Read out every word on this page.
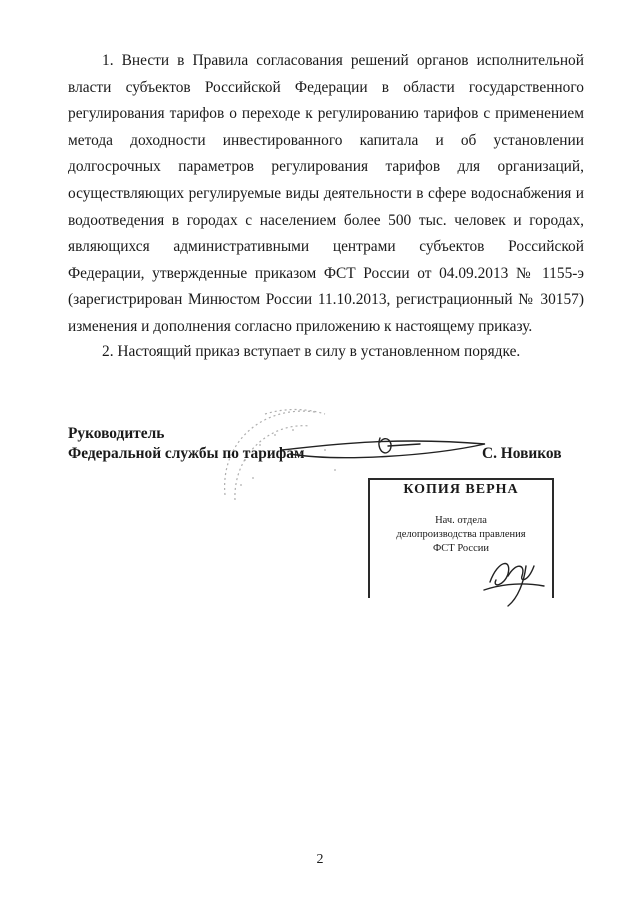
1. Внести в Правила согласования решений органов исполнительной власти субъектов Российской Федерации в области государственного регулирования тарифов о переходе к регулированию тарифов с применением метода доходности инвестированного капитала и об установлении долгосрочных параметров регулирования тарифов для организаций, осуществляющих регулируемые виды деятельности в сфере водоснабжения и водоотведения в городах с населением более 500 тыс. человек и городах, являющихся административными центрами субъектов Российской Федерации, утвержденные приказом ФСТ России от 04.09.2013 № 1155-э (зарегистрирован Минюстом России 11.10.2013, регистрационный № 30157) изменения и дополнения согласно приложению к настоящему приказу.

2. Настоящий приказ вступает в силу в установленном порядке.

Руководитель
Федеральной службы по тарифам	С. Новиков
КОПИЯ ВЕРНА
Нач. отдела
делопроизводства правления
ФСТ России
2
